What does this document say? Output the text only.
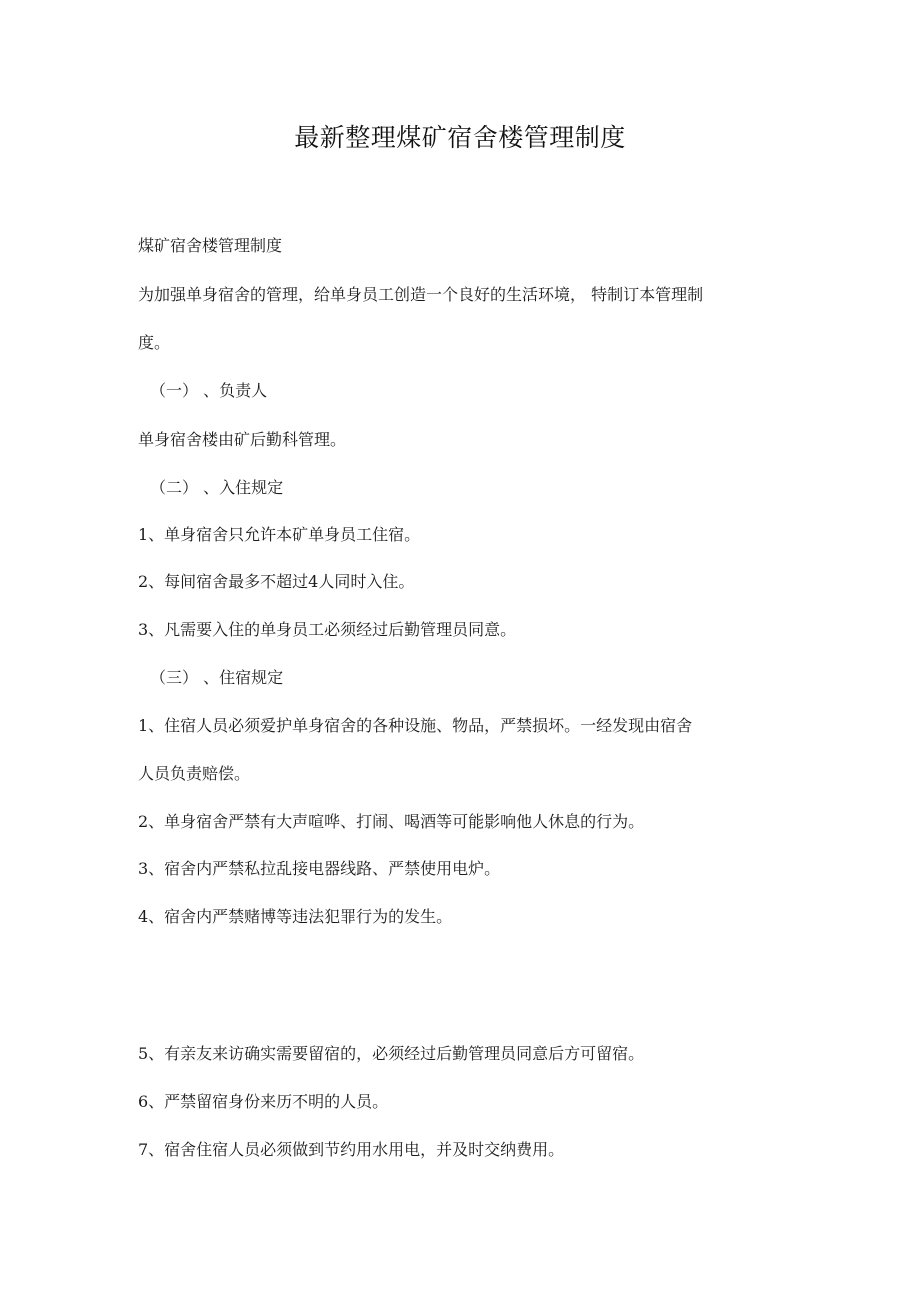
最新整理煤矿宿舍楼管理制度
煤矿宿舍楼管理制度
为加强单身宿舍的管理，给单身员工创造一个良好的生活环境， 特制订本管理制
度。
（一） 、负责人
单身宿舍楼由矿后勤科管理。
（二） 、入住规定
1、单身宿舍只允许本矿单身员工住宿。
2、每间宿舍最多不超过4人同时入住。
3、凡需要入住的单身员工必须经过后勤管理员同意。
（三） 、住宿规定
1、住宿人员必须爱护单身宿舍的各种设施、物品，严禁损坏。一经发现由宿舍
人员负责赔偿。
2、单身宿舍严禁有大声喧哗、打闹、喝酒等可能影响他人休息的行为。
3、宿舍内严禁私拉乱接电器线路、严禁使用电炉。
4、宿舍内严禁赌博等违法犯罪行为的发生。
5、有亲友来访确实需要留宿的，必须经过后勤管理员同意后方可留宿。
6、严禁留宿身份来历不明的人员。
7、宿舍住宿人员必须做到节约用水用电，并及时交纳费用。
